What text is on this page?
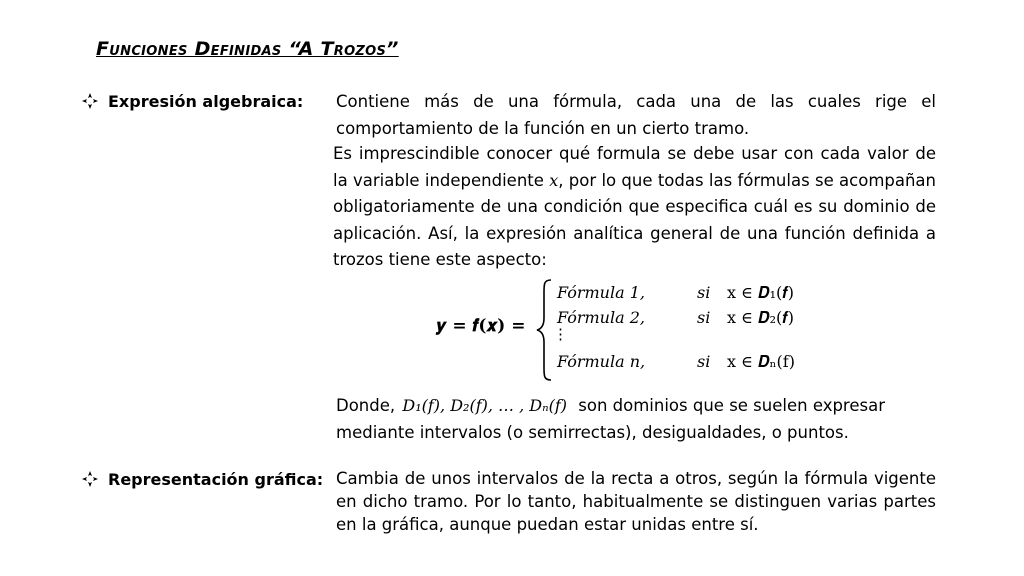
Funciones Definidas “A Trozos”
Expresión algebraica: Contiene más de una fórmula, cada una de las cuales rige el comportamiento de la función en un cierto tramo.
Es imprescindible conocer qué formula se debe usar con cada valor de la variable independiente x, por lo que todas las fórmulas se acompañan obligatoriamente de una condición que especifica cuál es su dominio de aplicación. Así, la expresión analítica general de una función definida a trozos tiene este aspecto:
𝒚 = 𝒇(𝒙) =
Fórmula 1,	si x ∈ 𝑫₁(𝒇)
Fórmula 2,	si x ∈ 𝑫₂(𝒇)
⋮
Fórmula n,	si x ∈ 𝑫ₙ(f)
Donde, D₁(f), D₂(f), … , Dₙ(f) son dominios que se suelen expresar
mediante intervalos (o semirrectas), desigualdades, o puntos.
Representación gráfica: Cambia de unos intervalos de la recta a otros, según la fórmula vigente en dicho tramo. Por lo tanto, habitualmente se distinguen varias partes en la gráfica, aunque puedan estar unidas entre sí.
